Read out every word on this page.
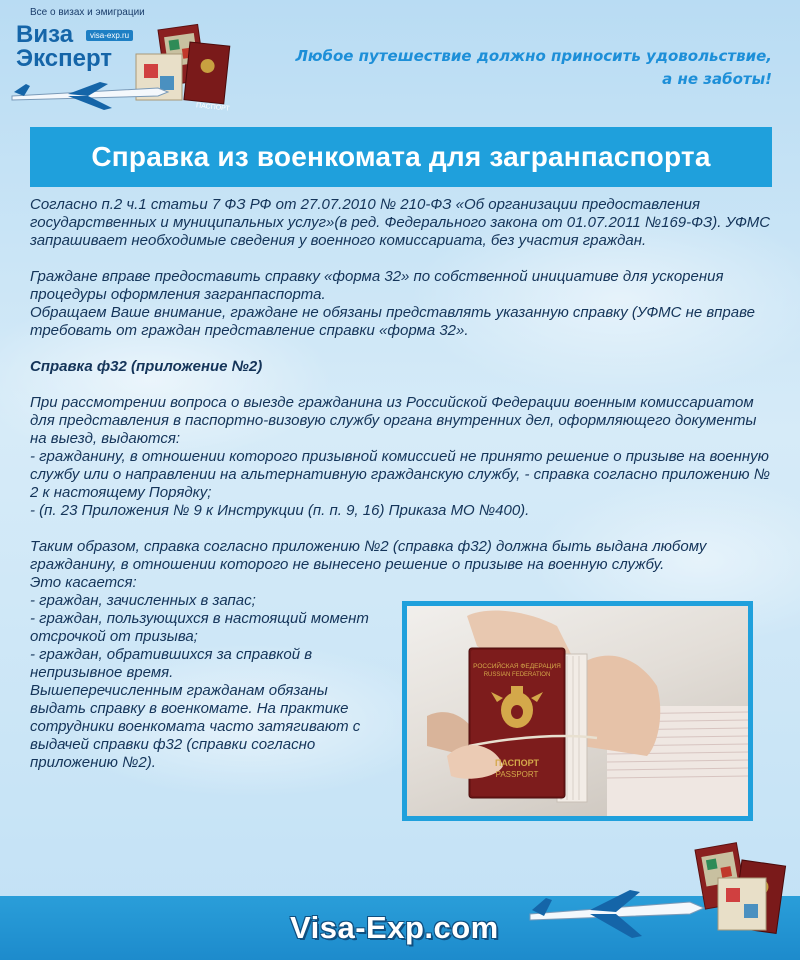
Все о визах и эмиграции
Виза
Эксперт
visa-exp.ru
ПАСПОРТ
Любое путешествие должно приносить удовольствие,
а не заботы!
Справка из военкомата для загранпаспорта

Согласно п.2 ч.1 статьи 7 ФЗ РФ от 27.07.2010 № 210-ФЗ «Об организации предоставления государственных и муниципальных услуг»(в ред. Федерального закона от 01.07.2011 №169-ФЗ). УФМС запрашивает необходимые сведения у военного комиссариата, без участия граждан.

Граждане вправе предоставить справку «форма 32» по собственной инициативе для ускорения процедуры оформления загранпаспорта.

Обращаем Ваше внимание, граждане не обязаны представлять указанную справку (УФМС не вправе требовать от граждан представление справки «форма 32».

Справка ф32 (приложение №2)

При рассмотрении вопроса о выезде гражданина из Российской Федерации военным комиссариатом для представления в паспортно-визовую службу органа внутренних дел, оформляющего документы на выезд, выдаются:

- гражданину, в отношении которого призывной комиссией не принято решение о призыве на военную службу или о направлении на альтернативную гражданскую службу, - справка согласно приложению № 2 к настоящему Порядку;

- (п. 23 Приложения № 9 к Инструкции (п. п. 9, 16) Приказа МО №400).

Таким образом, справка согласно приложению №2 (справка ф32) должна быть выдана любому гражданину, в отношении которого не вынесено решение о призыве на военную службу.

Это касается:

- граждан, зачисленных в запас;

- граждан, пользующихся в настоящий момент отсрочкой от призыва;

- граждан, обратившихся за справкой в непризывное время.

Вышеперечисленным гражданам обязаны выдать справку в военкомате. На практике сотрудники военкомата часто затягивают с выдачей справки ф32 (справки согласно приложению №2).

РОССИЙСКАЯ ФЕДЕРАЦИЯ
RUSSIAN FEDERATION
ПАСПОРТ
PASSPORT
Visa-Exp.com
